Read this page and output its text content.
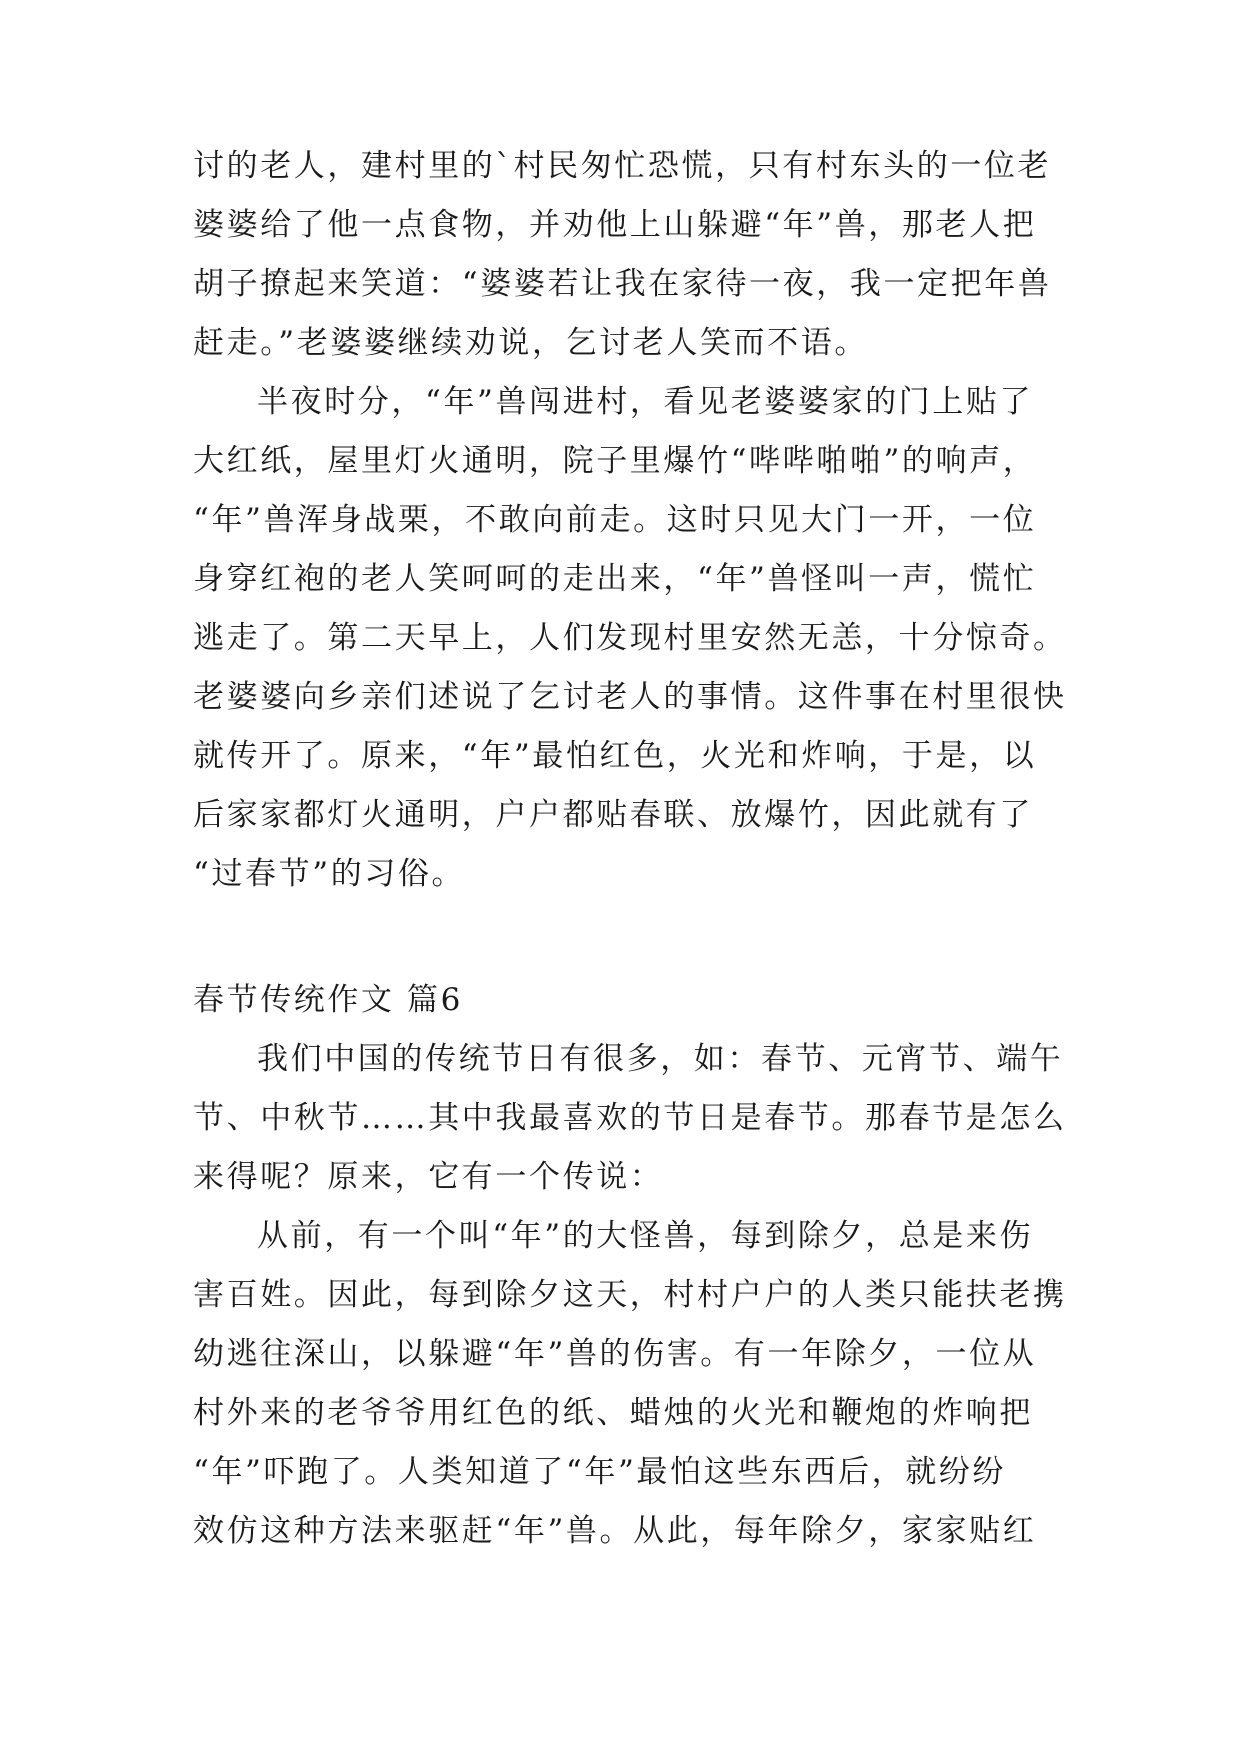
讨的老人，建村里的`村民匆忙恐慌，只有村东头的一位老
婆婆给了他一点食物，并劝他上山躲避“年”兽，那老人把
胡子撩起来笑道：“婆婆若让我在家待一夜，我一定把年兽
赶走。”老婆婆继续劝说，乞讨老人笑而不语。
半夜时分，“年”兽闯进村，看见老婆婆家的门上贴了
大红纸，屋里灯火通明，院子里爆竹“哔哔啪啪”的响声，
“年”兽浑身战栗，不敢向前走。这时只见大门一开，一位
身穿红袍的老人笑呵呵的走出来，“年”兽怪叫一声，慌忙
逃走了。第二天早上，人们发现村里安然无恙，十分惊奇。
老婆婆向乡亲们述说了乞讨老人的事情。这件事在村里很快
就传开了。原来，“年”最怕红色，火光和炸响，于是，以
后家家都灯火通明，户户都贴春联、放爆竹，因此就有了
“过春节”的习俗。
春节传统作文 篇6
我们中国的传统节日有很多，如：春节、元宵节、端午
节、中秋节……其中我最喜欢的节日是春节。那春节是怎么
来得呢？原来，它有一个传说：
从前，有一个叫“年”的大怪兽，每到除夕，总是来伤
害百姓。因此，每到除夕这天，村村户户的人类只能扶老携
幼逃往深山，以躲避“年”兽的伤害。有一年除夕，一位从
村外来的老爷爷用红色的纸、蜡烛的火光和鞭炮的炸响把
“年”吓跑了。人类知道了“年”最怕这些东西后，就纷纷
效仿这种方法来驱赶“年”兽。从此，每年除夕，家家贴红
